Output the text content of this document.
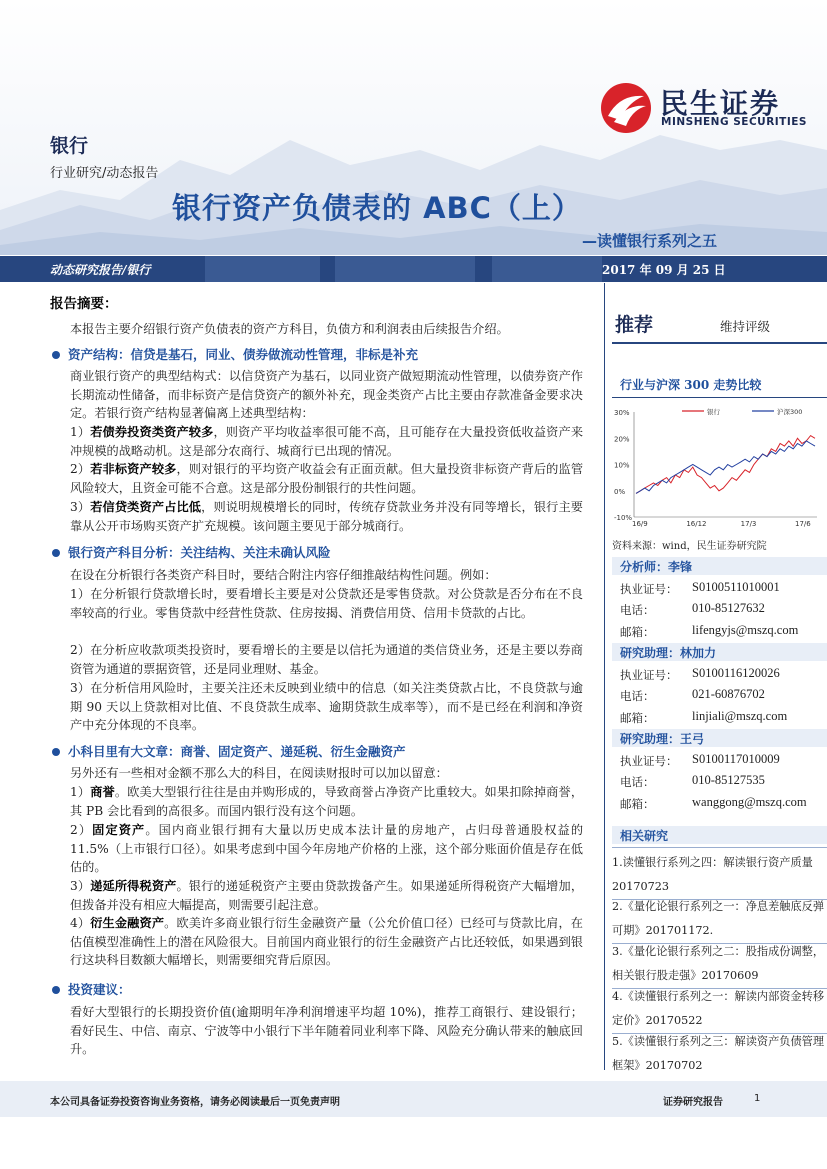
民生证券
MINSHENG SECURITIES
银行
行业研究/动态报告
银行资产负债表的 ABC（上）
—读懂银行系列之五
动态研究报告/银行	2017 年 09 月 25 日
报告摘要：
本报告主要介绍银行资产负债表的资产方科目，负债方和利润表由后续报告介绍。
资产结构：信贷是基石，同业、债券做流动性管理，非标是补充
商业银行资产的典型结构式：以信贷资产为基石，以同业资产做短期流动性管理，以债券资产作长期流动性储备，而非标资产是信贷资产的额外补充，现金类资产占比主要由存款准备金要求决定。若银行资产结构显著偏离上述典型结构：
1）若债券投资类资产较多，则资产平均收益率很可能不高，且可能存在大量投资低收益资产来冲规模的战略动机。这是部分农商行、城商行已出现的情况。
2）若非标资产较多，则对银行的平均资产收益会有正面贡献。但大量投资非标资产背后的监管风险较大，且资金可能不合意。这是部分股份制银行的共性问题。
3）若信贷类资产占比低，则说明规模增长的同时，传统存贷款业务并没有同等增长，银行主要靠从公开市场购买资产扩充规模。该问题主要见于部分城商行。
银行资产科目分析：关注结构、关注未确认风险
在设在分析银行各类资产科目时，要结合附注内容仔细推敲结构性问题。例如：
1）在分析银行贷款增长时，要看增长主要是对公贷款还是零售贷款。对公贷款是否分布在不良率较高的行业。零售贷款中经营性贷款、住房按揭、消费信用贷、信用卡贷款的占比。
2）在分析应收款项类投资时，要看增长的主要是以信托为通道的类信贷业务，还是主要以券商资管为通道的票据资管，还是同业理财、基金。
3）在分析信用风险时，主要关注还未反映到业绩中的信息（如关注类贷款占比，不良贷款与逾期 90 天以上贷款相对比值、不良贷款生成率、逾期贷款生成率等），而不是已经在利润和净资产中充分体现的不良率。
小科目里有大文章：商誉、固定资产、递延税、衍生金融资产
另外还有一些相对金额不那么大的科目，在阅读财报时可以加以留意：
1）商誉。欧美大型银行往往是由并购形成的，导致商誉占净资产比重较大。如果扣除掉商誉，其 PB 会比看到的高很多。而国内银行没有这个问题。
2）固定资产。国内商业银行拥有大量以历史成本法计量的房地产，占归母普通股权益的 11.5%（上市银行口径）。如果考虑到中国今年房地产价格的上涨，这个部分账面价值是存在低估的。
3）递延所得税资产。银行的递延税资产主要由贷款拨备产生。如果递延所得税资产大幅增加，但拨备并没有相应大幅提高，则需要引起注意。
4）衍生金融资产。欧美许多商业银行衍生金融资产量（公允价值口径）已经可与贷款比肩，在估值模型准确性上的潜在风险很大。目前国内商业银行的衍生金融资产占比还较低，如果遇到银行这块科目数额大幅增长，则需要细究背后原因。
投资建议：
看好大型银行的长期投资价值(逾期明年净利润增速平均超 10%)，推荐工商银行、建设银行；看好民生、中信、南京、宁波等中小银行下半年随着同业利率下降、风险充分确认带来的触底回升。
推荐	维持评级
行业与沪深 300 走势比较
30%
20%
10%
0%
-10%
16/9	16/12	17/3	17/6
银行	沪深300
资料来源：wind，民生证券研究院
分析师：李锋
执业证号： S0100511010001
电话：	010-85127632
邮箱：	lifengyjs@mszq.com
研究助理：林加力
执业证号： S0100116120026
电话：	021-60876702
邮箱：	linjiali@mszq.com
研究助理：王弓
执业证号： S0100117010009
电话：	010-85127535
邮箱：	wanggong@mszq.com
相关研究
1.读懂银行系列之四：解读银行资产质量 20170723
2.《量化论银行系列之一：净息差触底反弹可期》201701172.
3.《量化论银行系列之二：股指成份调整，相关银行股走强》20170609
4.《读懂银行系列之一：解读内部资金转移定价》20170522
5.《读懂银行系列之三：解读资产负债管理框架》20170702
本公司具备证券投资咨询业务资格，请务必阅读最后一页免责声明	证券研究报告	1
